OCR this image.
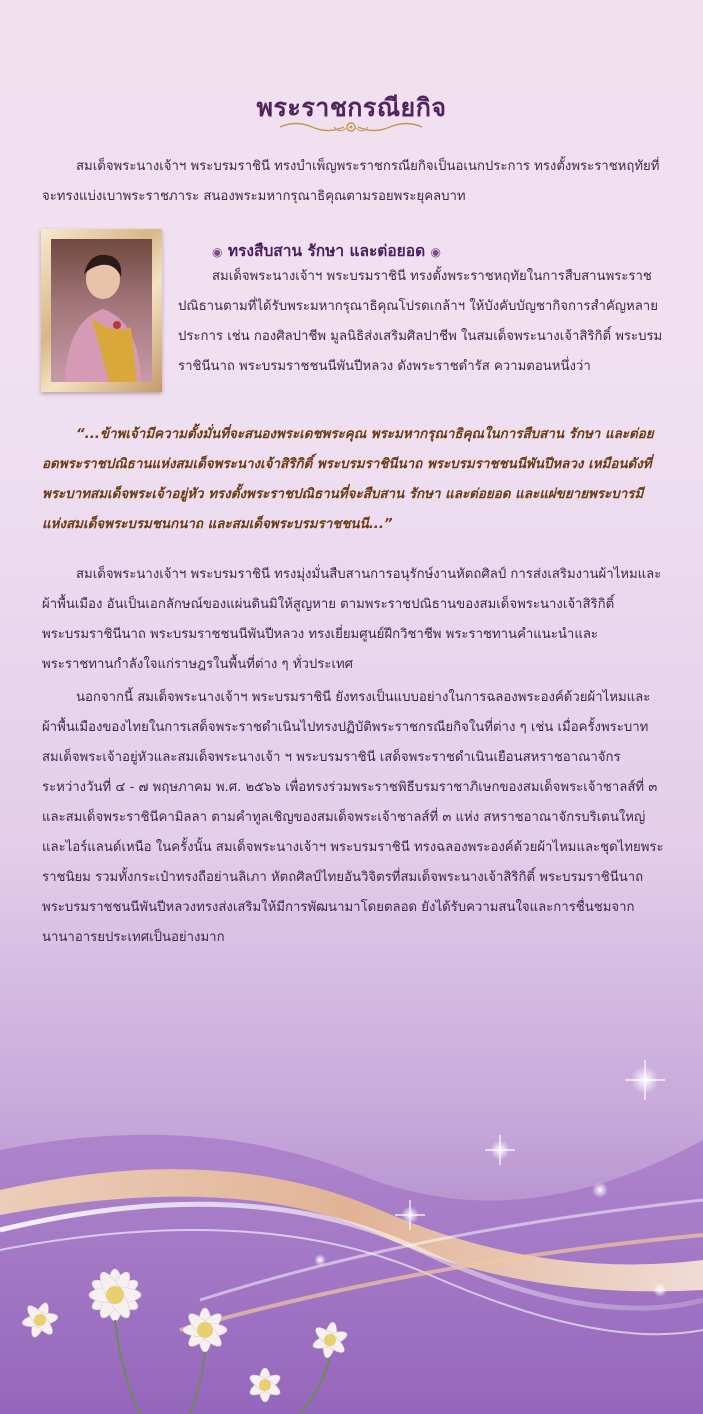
พระราชกรณียกิจ

สมเด็จพระนางเจ้าฯ พระบรมราชินี ทรงบำเพ็ญพระราชกรณียกิจเป็นอเนกประการ ทรงตั้งพระราชหฤทัยที่จะทรงแบ่งเบาพระราชภาระ สนองพระมหากรุณาธิคุณตามรอยพระยุคลบาท

◉ ทรงสืบสาน รักษา และต่อยอด ◉

สมเด็จพระนางเจ้าฯ พระบรมราชินี ทรงตั้งพระราชหฤทัยในการสืบสานพระราชปณิธานตามที่ได้รับพระมหากรุณาธิคุณโปรดเกล้าฯ ให้บังคับบัญชากิจการสำคัญหลายประการ เช่น กองศิลปาชีพ มูลนิธิส่งเสริมศิลปาชีพ ในสมเด็จพระนางเจ้าสิริกิติ์ พระบรมราชินีนาถ พระบรมราชชนนีพันปีหลวง ดังพระราชดำรัส ความตอนหนึ่งว่า

“...ข้าพเจ้ามีความตั้งมั่นที่จะสนองพระเดชพระคุณ พระมหากรุณาธิคุณในการสืบสาน รักษา และต่อยอดพระราชปณิธานแห่งสมเด็จพระนางเจ้าสิริกิติ์ พระบรมราชินีนาถ พระบรมราชชนนีพันปีหลวง เหมือนดังที่พระบาทสมเด็จพระเจ้าอยู่หัว ทรงตั้งพระราชปณิธานที่จะสืบสาน รักษา และต่อยอด และแผ่ขยายพระบารมีแห่งสมเด็จพระบรมชนกนาถ และสมเด็จพระบรมราชชนนี...”

สมเด็จพระนางเจ้าฯ พระบรมราชินี ทรงมุ่งมั่นสืบสานการอนุรักษ์งานหัตถศิลป์ การส่งเสริมงานผ้าไหมและผ้าพื้นเมือง อันเป็นเอกลักษณ์ของแผ่นดินมิให้สูญหาย ตามพระราชปณิธานของสมเด็จพระนางเจ้าสิริกิติ์ พระบรมราชินีนาถ พระบรมราชชนนีพันปีหลวง ทรงเยี่ยมศูนย์ฝึกวิชาชีพ พระราชทานคำแนะนำและพระราชทานกำลังใจแก่ราษฎรในพื้นที่ต่าง ๆ ทั่วประเทศ

นอกจากนี้ สมเด็จพระนางเจ้าฯ พระบรมราชินี ยังทรงเป็นแบบอย่างในการฉลองพระองค์ด้วยผ้าไหมและผ้าพื้นเมืองของไทยในการเสด็จพระราชดำเนินไปทรงปฏิบัติพระราชกรณียกิจในที่ต่าง ๆ เช่น เมื่อครั้งพระบาทสมเด็จพระเจ้าอยู่หัวและสมเด็จพระนางเจ้า ฯ พระบรมราชินี เสด็จพระราชดำเนินเยือนสหราชอาณาจักร ระหว่างวันที่ ๔ - ๗ พฤษภาคม พ.ศ. ๒๕๖๖ เพื่อทรงร่วมพระราชพิธีบรมราชาภิเษกของสมเด็จพระเจ้าชาลส์ที่ ๓ และสมเด็จพระราชินีคามิลลา ตามคำทูลเชิญของสมเด็จพระเจ้าชาลส์ที่ ๓ แห่ง สหราชอาณาจักรบริเตนใหญ่และไอร์แลนด์เหนือ ในครั้งนั้น สมเด็จพระนางเจ้าฯ พระบรมราชินี ทรงฉลองพระองค์ด้วยผ้าไหมและชุดไทยพระราชนิยม รวมทั้งกระเป๋าทรงถือย่านลิเภา หัตถศิลป์ไทยอันวิจิตรที่สมเด็จพระนางเจ้าสิริกิติ์ พระบรมราชินีนาถ พระบรมราชชนนีพันปีหลวงทรงส่งเสริมให้มีการพัฒนามาโดยตลอด ยังได้รับความสนใจและการชื่นชมจากนานาอารยประเทศเป็นอย่างมาก
